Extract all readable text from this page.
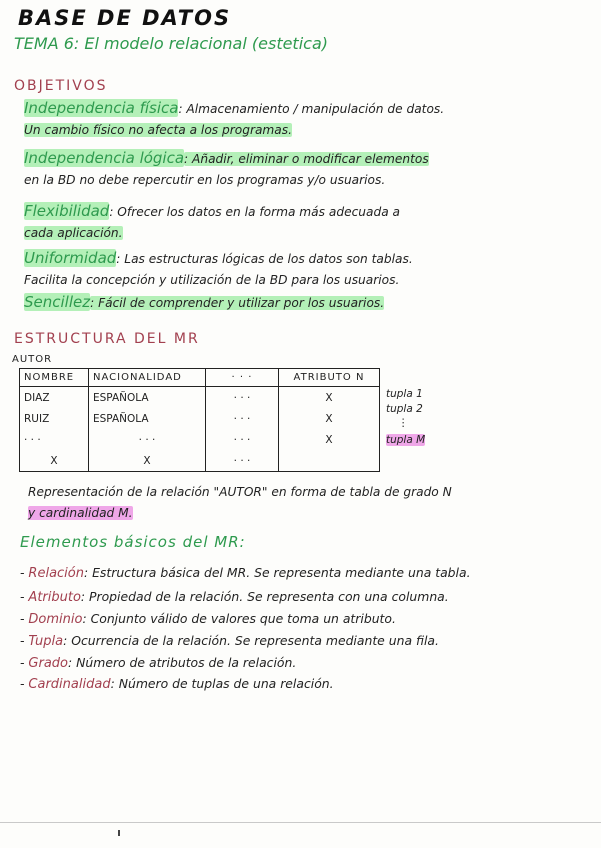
BASE DE DATOS
TEMA 6: El modelo relacional (estetica)
OBJETIVOS
Independencia física: Almacenamiento / manipulación de datos.
Un cambio físico no afecta a los programas.
Independencia lógica: Añadir, eliminar o modificar elementos
en la BD no debe repercutir en los programas y/o usuarios.
Flexibilidad: Ofrecer los datos en la forma más adecuada a
cada aplicación.
Uniformidad: Las estructuras lógicas de los datos son tablas.
Facilita la concepción y utilización de la BD para los usuarios.
Sencillez: Fácil de comprender y utilizar por los usuarios.
ESTRUCTURA DEL MR
AUTOR
NOMBRE	NACIONALIDAD	· · ·	ATRIBUTO N
DIAZ	ESPAÑOLA	· · ·	X
RUIZ	ESPAÑOLA	· · ·	X
· · ·	· · ·	· · ·	X
X	X	· · ·	
tupla 1
tupla 2
⋮
tupla M
Representación de la relación "AUTOR" en forma de tabla de grado N
y cardinalidad M.
Elementos básicos del MR:
- Relación: Estructura básica del MR. Se representa mediante una tabla.
- Atributo: Propiedad de la relación. Se representa con una columna.
- Dominio: Conjunto válido de valores que toma un atributo.
- Tupla: Ocurrencia de la relación. Se representa mediante una fila.
- Grado: Número de atributos de la relación.
- Cardinalidad: Número de tuplas de una relación.
